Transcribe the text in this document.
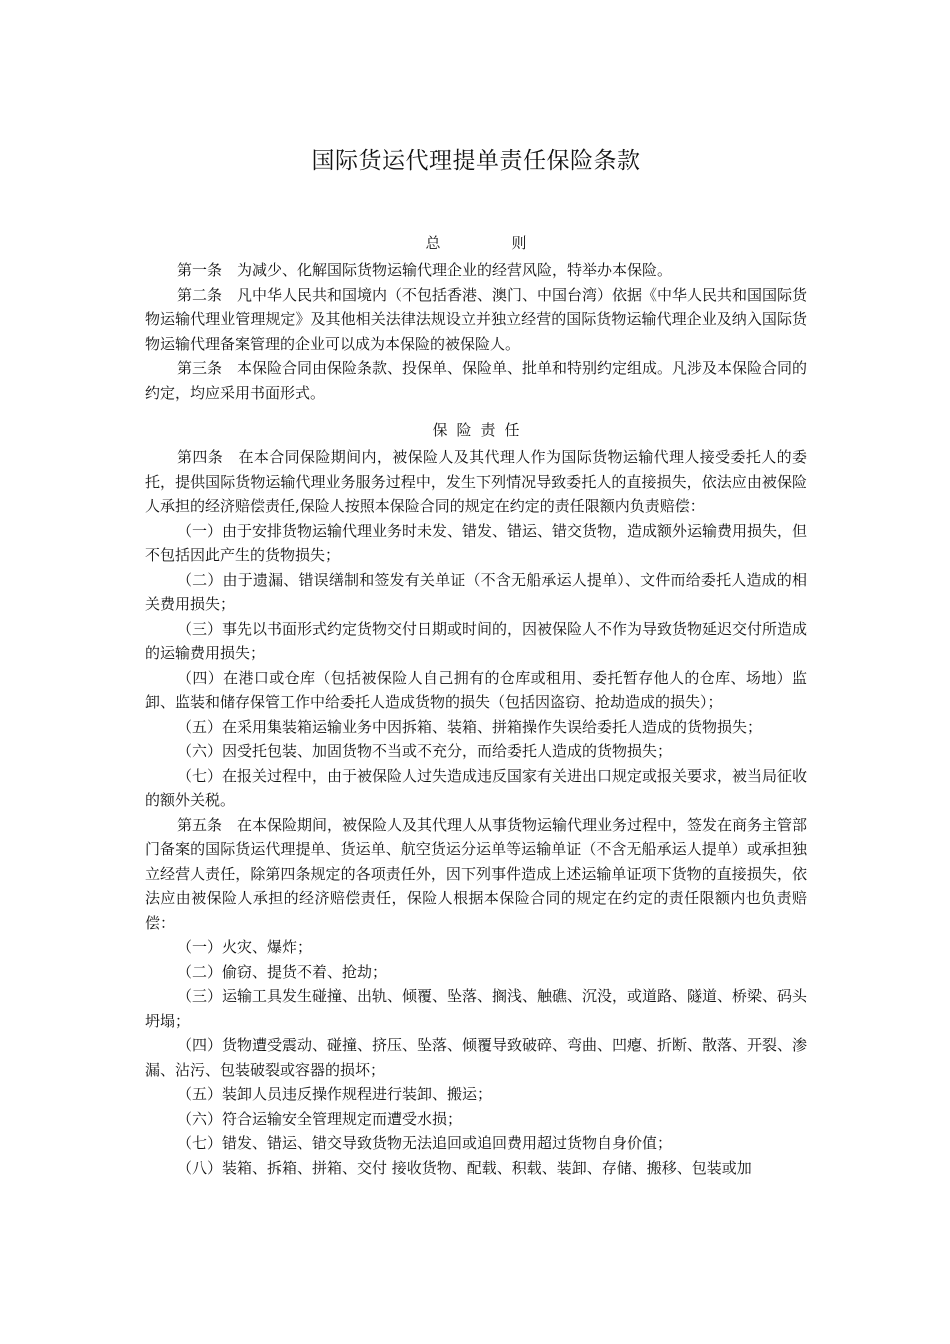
国际货运代理提单责任保险条款
总　则

第一条　为减少、化解国际货物运输代理企业的经营风险，特举办本保险。

第二条　凡中华人民共和国境内（不包括香港、澳门、中国台湾）依据《中华人民共和国国际货物运输代理业管理规定》及其他相关法律法规设立并独立经营的国际货物运输代理企业及纳入国际货物运输代理备案管理的企业可以成为本保险的被保险人。

第三条　本保险合同由保险条款、投保单、保险单、批单和特别约定组成。凡涉及本保险合同的约定，均应采用书面形式。

保险责任

第四条　在本合同保险期间内，被保险人及其代理人作为国际货物运输代理人接受委托人的委托，提供国际货物运输代理业务服务过程中，发生下列情况导致委托人的直接损失，依法应由被保险人承担的经济赔偿责任,保险人按照本保险合同的规定在约定的责任限额内负责赔偿：

（一）由于安排货物运输代理业务时未发、错发、错运、错交货物，造成额外运输费用损失，但不包括因此产生的货物损失；

（二）由于遗漏、错误缮制和签发有关单证（不含无船承运人提单）、文件而给委托人造成的相关费用损失；

（三）事先以书面形式约定货物交付日期或时间的，因被保险人不作为导致货物延迟交付所造成的运输费用损失；

（四）在港口或仓库（包括被保险人自己拥有的仓库或租用、委托暂存他人的仓库、场地）监卸、监装和储存保管工作中给委托人造成货物的损失（包括因盗窃、抢劫造成的损失）；

（五）在采用集装箱运输业务中因拆箱、装箱、拼箱操作失误给委托人造成的货物损失；

（六）因受托包装、加固货物不当或不充分，而给委托人造成的货物损失；

（七）在报关过程中，由于被保险人过失造成违反国家有关进出口规定或报关要求，被当局征收的额外关税。

第五条　在本保险期间，被保险人及其代理人从事货物运输代理业务过程中，签发在商务主管部门备案的国际货运代理提单、货运单、航空货运分运单等运输单证（不含无船承运人提单）或承担独立经营人责任，除第四条规定的各项责任外，因下列事件造成上述运输单证项下货物的直接损失，依法应由被保险人承担的经济赔偿责任，保险人根据本保险合同的规定在约定的责任限额内也负责赔偿：

（一）火灾、爆炸；

（二）偷窃、提货不着、抢劫；

（三）运输工具发生碰撞、出轨、倾覆、坠落、搁浅、触礁、沉没，或道路、隧道、桥梁、码头坍塌；

（四）货物遭受震动、碰撞、挤压、坠落、倾覆导致破碎、弯曲、凹瘪、折断、散落、开裂、渗漏、沾污、包装破裂或容器的损坏；

（五）装卸人员违反操作规程进行装卸、搬运；

（六）符合运输安全管理规定而遭受水损；

（七）错发、错运、错交导致货物无法追回或追回费用超过货物自身价值；

（八）装箱、拆箱、拼箱、交付 接收货物、配载、积载、装卸、存储、搬移、包装或加
